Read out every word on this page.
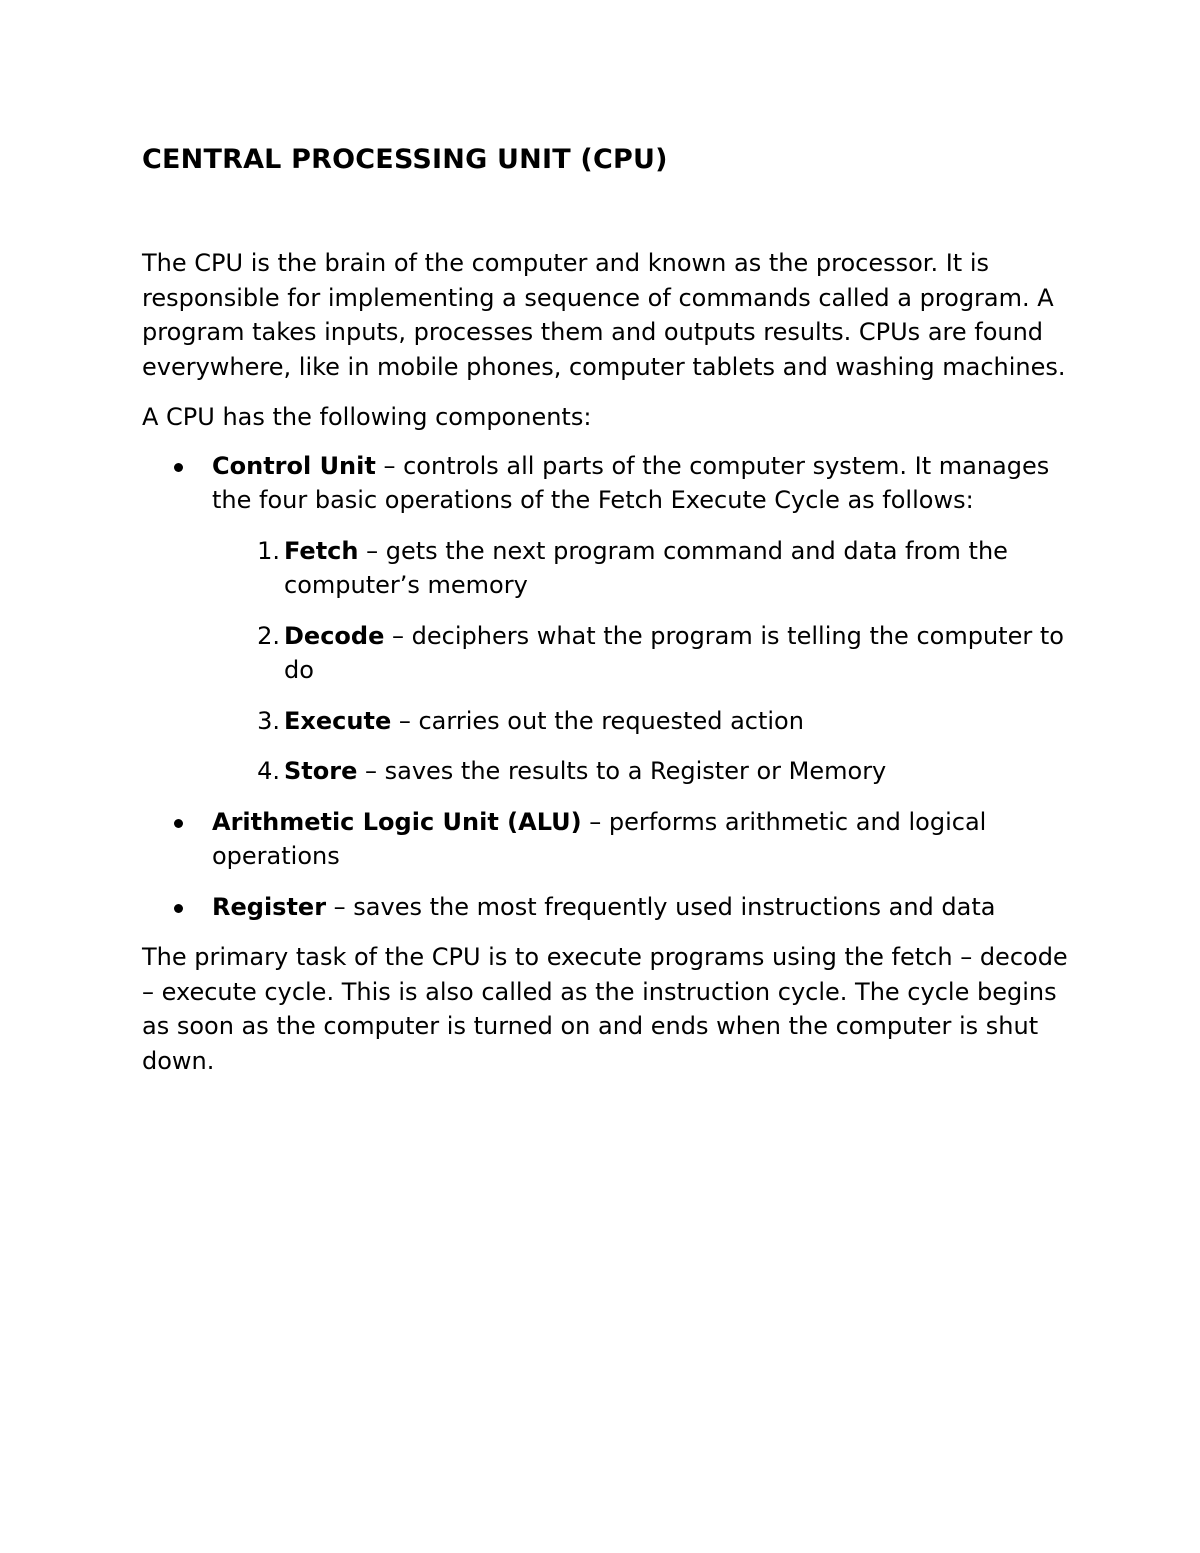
CENTRAL PROCESSING UNIT (CPU)

The CPU is the brain of the computer and known as the processor. It is responsible for implementing a sequence of commands called a program. A program takes inputs, processes them and outputs results. CPUs are found everywhere, like in mobile phones, computer tablets and washing machines.

A CPU has the following components:

Control Unit – controls all parts of the computer system. It manages the four basic operations of the Fetch Execute Cycle as follows:
1. Fetch – gets the next program command and data from the computer’s memory
2. Decode – deciphers what the program is telling the computer to do
3. Execute – carries out the requested action
4. Store – saves the results to a Register or Memory
Arithmetic Logic Unit (ALU) – performs arithmetic and logical operations
Register – saves the most frequently used instructions and data

The primary task of the CPU is to execute programs using the fetch – decode – execute cycle. This is also called as the instruction cycle. The cycle begins as soon as the computer is turned on and ends when the computer is shut down.
